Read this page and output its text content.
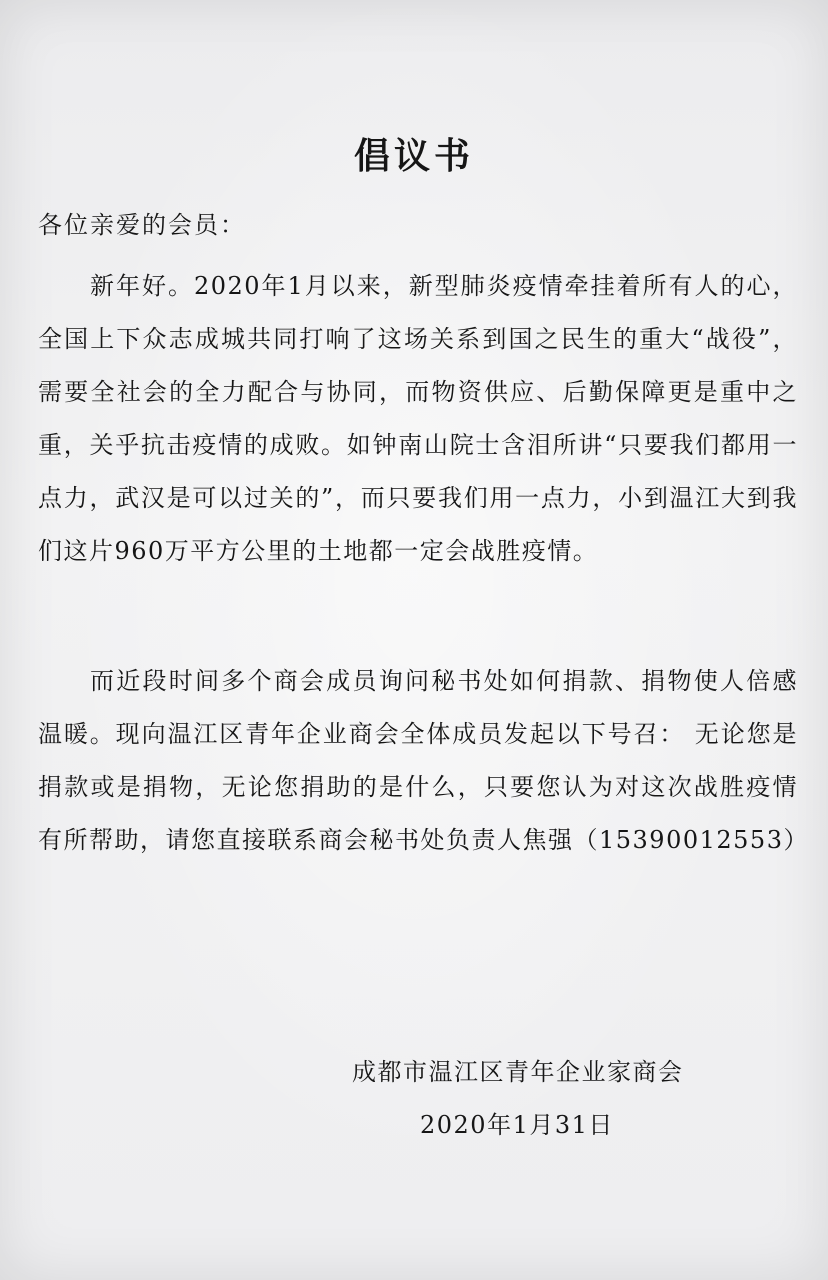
倡议书
各位亲爱的会员：
新年好。2020年1月以来，新型肺炎疫情牵挂着所有人的心，全国上下众志成城共同打响了这场关系到国之民生的重大“战役”，需要全社会的全力配合与协同，而物资供应、后勤保障更是重中之重，关乎抗击疫情的成败。如钟南山院士含泪所讲“只要我们都用一点力，武汉是可以过关的”，而只要我们用一点力，小到温江大到我们这片960万平方公里的土地都一定会战胜疫情。
而近段时间多个商会成员询问秘书处如何捐款、捐物使人倍感温暖。现向温江区青年企业商会全体成员发起以下号召： 无论您是捐款或是捐物，无论您捐助的是什么，只要您认为对这次战胜疫情有所帮助，请您直接联系商会秘书处负责人焦强（15390012553）
成都市温江区青年企业家商会
2020年1月31日
